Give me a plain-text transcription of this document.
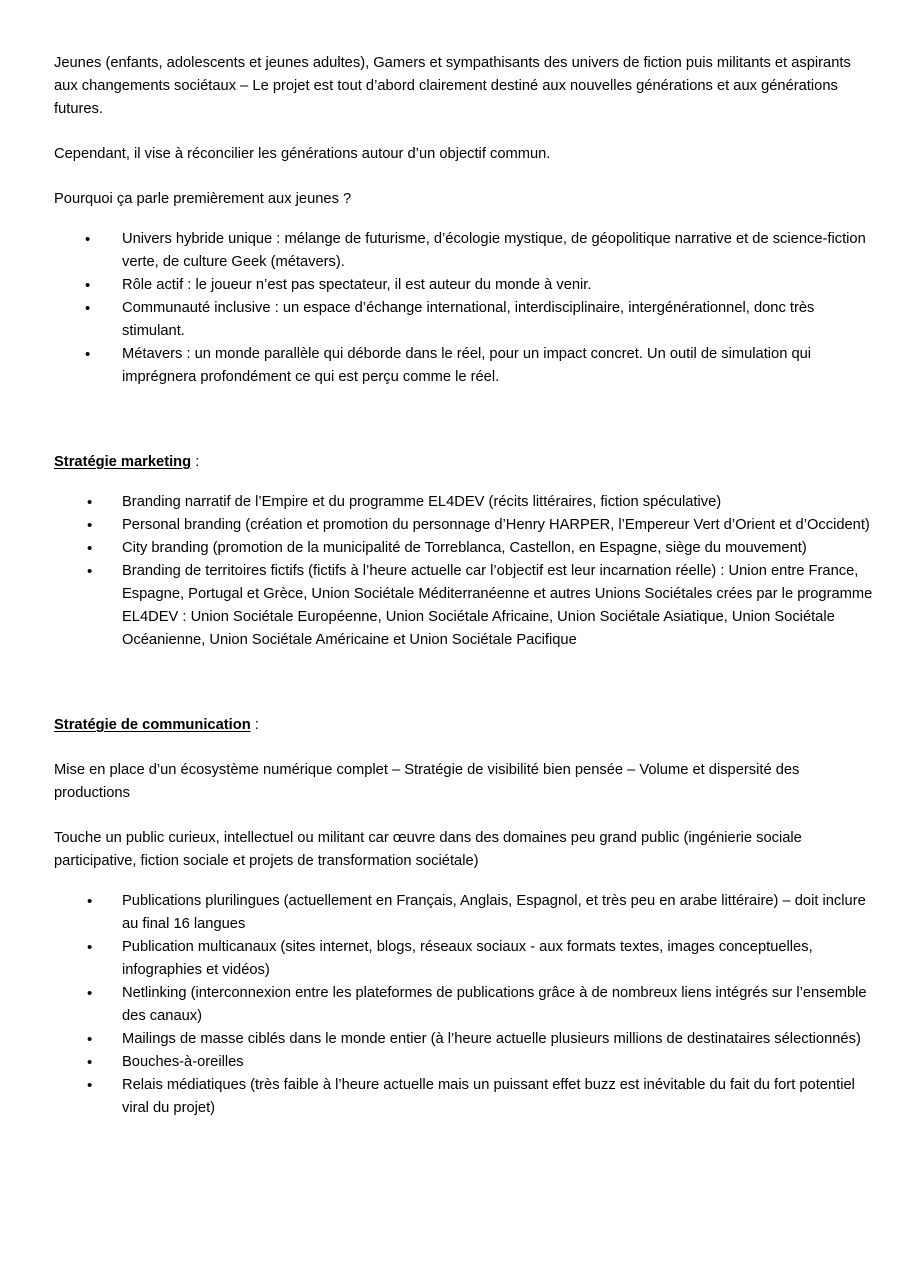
Jeunes (enfants, adolescents et jeunes adultes), Gamers et sympathisants des univers de fiction puis militants et aspirants aux changements sociétaux – Le projet est tout d’abord clairement destiné aux nouvelles générations et aux générations futures.

Cependant, il vise à réconcilier les générations autour d’un objectif commun.

Pourquoi ça parle premièrement aux jeunes ?

• Univers hybride unique : mélange de futurisme, d’écologie mystique, de géopolitique narrative et de science-fiction verte, de culture Geek (métavers).
• Rôle actif : le joueur n’est pas spectateur, il est auteur du monde à venir.
• Communauté inclusive : un espace d’échange international, interdisciplinaire, intergénérationnel, donc très stimulant.
• Métavers : un monde parallèle qui déborde dans le réel, pour un impact concret. Un outil de simulation qui imprégnera profondément ce qui est perçu comme le réel.
Stratégie marketing :
• Branding narratif de l’Empire et du programme EL4DEV (récits littéraires, fiction spéculative)
• Personal branding (création et promotion du personnage d’Henry HARPER, l’Empereur Vert d’Orient et d’Occident)
• City branding (promotion de la municipalité de Torreblanca, Castellon, en Espagne, siège du mouvement)
• Branding de territoires fictifs (fictifs à l’heure actuelle car l’objectif est leur incarnation réelle) : Union entre France, Espagne, Portugal et Grèce, Union Sociétale Méditerranéenne et autres Unions Sociétales crées par le programme EL4DEV : Union Sociétale Européenne, Union Sociétale Africaine, Union Sociétale Asiatique, Union Sociétale Océanienne, Union Sociétale Américaine et Union Sociétale Pacifique
Stratégie de communication :

Mise en place d’un écosystème numérique complet – Stratégie de visibilité bien pensée – Volume et dispersité des productions

Touche un public curieux, intellectuel ou militant car œuvre dans des domaines peu grand public (ingénierie sociale participative, fiction sociale et projets de transformation sociétale)

• Publications plurilingues (actuellement en Français, Anglais, Espagnol, et très peu en arabe littéraire) – doit inclure au final 16 langues
• Publication multicanaux (sites internet, blogs, réseaux sociaux - aux formats textes, images conceptuelles, infographies et vidéos)
• Netlinking (interconnexion entre les plateformes de publications grâce à de nombreux liens intégrés sur l’ensemble des canaux)
• Mailings de masse ciblés dans le monde entier (à l’heure actuelle plusieurs millions de destinataires sélectionnés)
• Bouches-à-oreilles
• Relais médiatiques (très faible à l’heure actuelle mais un puissant effet buzz est inévitable du fait du fort potentiel viral du projet)
